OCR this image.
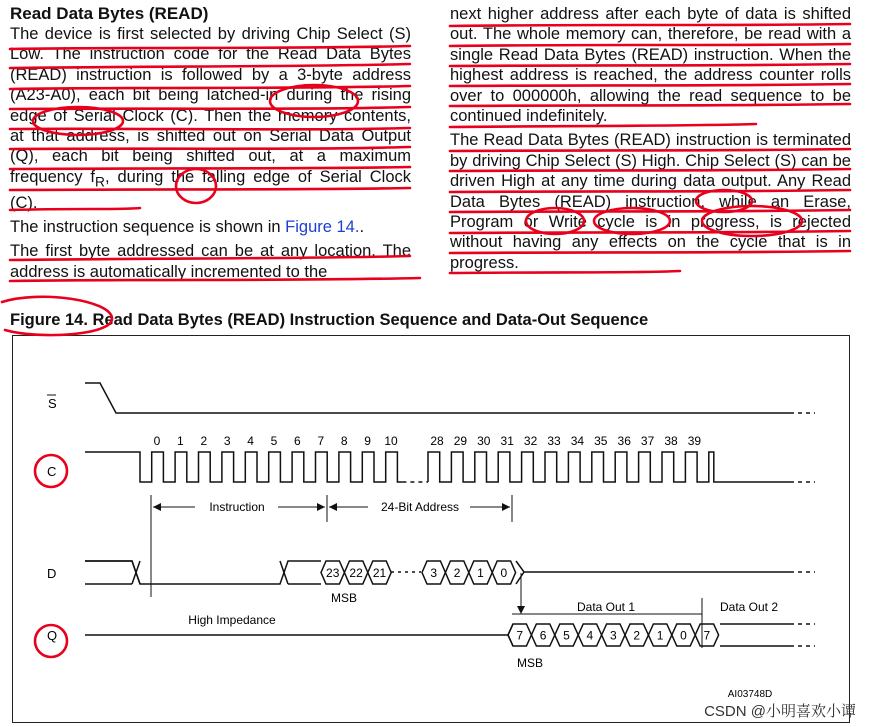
Read Data Bytes (READ)

The device is first selected by driving Chip Select (S) Low. The instruction code for the Read Data Bytes (READ) instruction is followed by a 3-byte address (A23-A0), each bit being latched-in during the rising edge of Serial Clock (C). Then the memory contents, at that address, is shifted out on Serial Data Output (Q), each bit being shifted out, at a maximum frequency $f_R$, during the falling edge of Serial Clock (C).

The instruction sequence is shown in Figure 14..

The first byte addressed can be at any location. The address is automatically incremented to the

next higher address after each byte of data is shifted out. The whole memory can, therefore, be read with a single Read Data Bytes (READ) instruction. When the highest address is reached, the address counter rolls over to 000000h, allowing the read sequence to be continued indefinitely.

The Read Data Bytes (READ) instruction is terminated by driving Chip Select (S) High. Chip Select (S) can be driven High at any time during data output. Any Read Data Bytes (READ) instruction, while an Erase, Program or Write cycle is in progress, is rejected without having any effects on the cycle that is in progress.

Figure 14. Read Data Bytes (READ) Instruction Sequence and Data-Out Sequence
S
C
D
Q
0 1 2 3 4 5 6 7 8 9 10	28 29 30 31 32 33 34 35 36 37 38 39
Instruction	24-Bit Address
23 22 21	3 2 1 0
MSB
High Impedance
7 6 5 4 3 2 1 0 7
MSB
Data Out 1	Data Out 2
AI03748D
CSDN @小明喜欢小谭
